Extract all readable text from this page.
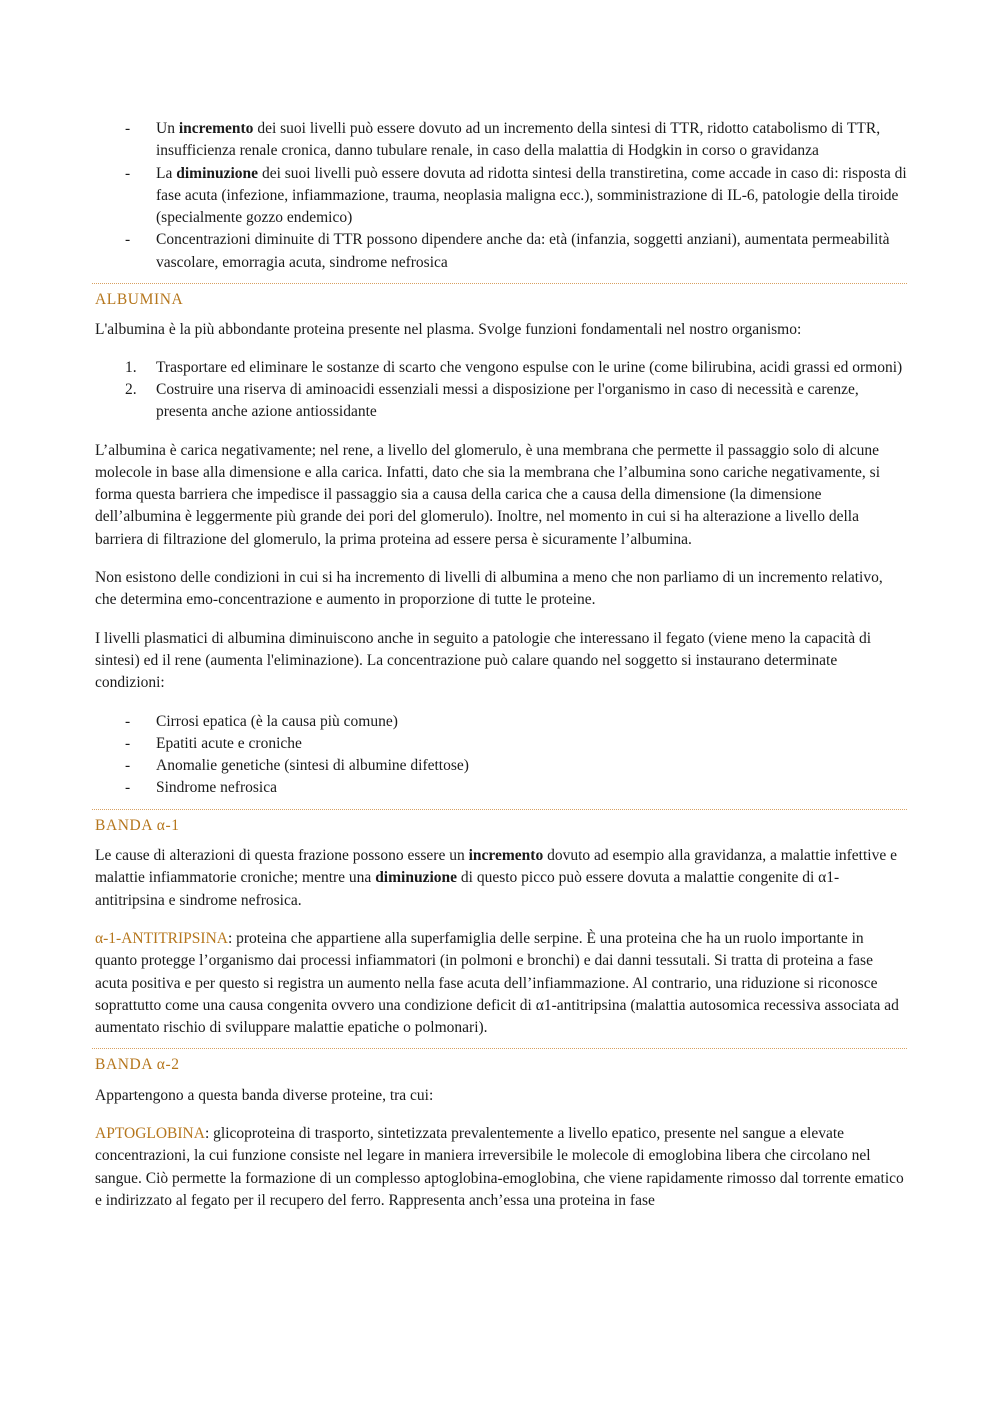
- Un incremento dei suoi livelli può essere dovuto ad un incremento della sintesi di TTR, ridotto catabolismo di TTR, insufficienza renale cronica, danno tubulare renale, in caso della malattia di Hodgkin in corso o gravidanza
- La diminuzione dei suoi livelli può essere dovuta ad ridotta sintesi della transtiretina, come accade in caso di: risposta di fase acuta (infezione, infiammazione, trauma, neoplasia maligna ecc.), somministrazione di IL-6, patologie della tiroide (specialmente gozzo endemico)
- Concentrazioni diminuite di TTR possono dipendere anche da: età (infanzia, soggetti anziani), aumentata permeabilità vascolare, emorragia acuta, sindrome nefrosica
ALBUMINA

L'albumina è la più abbondante proteina presente nel plasma. Svolge funzioni fondamentali nel nostro organismo:

1. Trasportare ed eliminare le sostanze di scarto che vengono espulse con le urine (come bilirubina, acidi grassi ed ormoni)
2. Costruire una riserva di aminoacidi essenziali messi a disposizione per l'organismo in caso di necessità e carenze, presenta anche azione antiossidante

L’albumina è carica negativamente; nel rene, a livello del glomerulo, è una membrana che permette il passaggio solo di alcune molecole in base alla dimensione e alla carica. Infatti, dato che sia la membrana che l’albumina sono cariche negativamente, si forma questa barriera che impedisce il passaggio sia a causa della carica che a causa della dimensione (la dimensione dell’albumina è leggermente più grande dei pori del glomerulo). Inoltre, nel momento in cui si ha alterazione a livello della barriera di filtrazione del glomerulo, la prima proteina ad essere persa è sicuramente l’albumina.

Non esistono delle condizioni in cui si ha incremento di livelli di albumina a meno che non parliamo di un incremento relativo, che determina emo-concentrazione e aumento in proporzione di tutte le proteine.

I livelli plasmatici di albumina diminuiscono anche in seguito a patologie che interessano il fegato (viene meno la capacità di sintesi) ed il rene (aumenta l'eliminazione). La concentrazione può calare quando nel soggetto si instaurano determinate condizioni:

- Cirrosi epatica (è la causa più comune)
- Epatiti acute e croniche
- Anomalie genetiche (sintesi di albumine difettose)
- Sindrome nefrosica
BANDA α-1

Le cause di alterazioni di questa frazione possono essere un incremento dovuto ad esempio alla gravidanza, a malattie infettive e malattie infiammatorie croniche; mentre una diminuzione di questo picco può essere dovuta a malattie congenite di α1-antitripsina e sindrome nefrosica.

α-1-ANTITRIPSINA: proteina che appartiene alla superfamiglia delle serpine. È una proteina che ha un ruolo importante in quanto protegge l’organismo dai processi infiammatori (in polmoni e bronchi) e dai danni tessutali. Si tratta di proteina a fase acuta positiva e per questo si registra un aumento nella fase acuta dell’infiammazione. Al contrario, una riduzione si riconosce soprattutto come una causa congenita ovvero una condizione deficit di α1-antitripsina (malattia autosomica recessiva associata ad aumentato rischio di sviluppare malattie epatiche o polmonari).

BANDA α-2

Appartengono a questa banda diverse proteine, tra cui:

APTOGLOBINA: glicoproteina di trasporto, sintetizzata prevalentemente a livello epatico, presente nel sangue a elevate concentrazioni, la cui funzione consiste nel legare in maniera irreversibile le molecole di emoglobina libera che circolano nel sangue. Ciò permette la formazione di un complesso aptoglobina-emoglobina, che viene rapidamente rimosso dal torrente ematico e indirizzato al fegato per il recupero del ferro. Rappresenta anch’essa una proteina in fase
